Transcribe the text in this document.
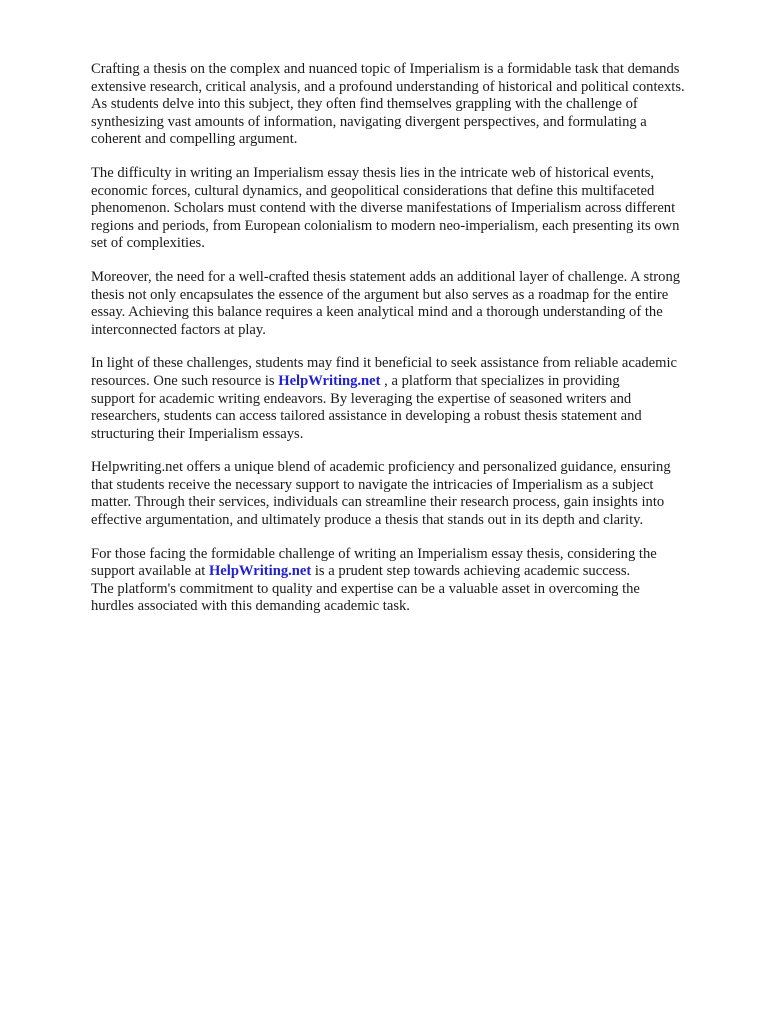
Crafting a thesis on the complex and nuanced topic of Imperialism is a formidable task that demands
extensive research, critical analysis, and a profound understanding of historical and political contexts.
As students delve into this subject, they often find themselves grappling with the challenge of
synthesizing vast amounts of information, navigating divergent perspectives, and formulating a
coherent and compelling argument.

The difficulty in writing an Imperialism essay thesis lies in the intricate web of historical events,
economic forces, cultural dynamics, and geopolitical considerations that define this multifaceted
phenomenon. Scholars must contend with the diverse manifestations of Imperialism across different
regions and periods, from European colonialism to modern neo-imperialism, each presenting its own
set of complexities.

Moreover, the need for a well-crafted thesis statement adds an additional layer of challenge. A strong
thesis not only encapsulates the essence of the argument but also serves as a roadmap for the entire
essay. Achieving this balance requires a keen analytical mind and a thorough understanding of the
interconnected factors at play.

In light of these challenges, students may find it beneficial to seek assistance from reliable academic
resources. One such resource is HelpWriting.net , a platform that specializes in providing
support for academic writing endeavors. By leveraging the expertise of seasoned writers and
researchers, students can access tailored assistance in developing a robust thesis statement and
structuring their Imperialism essays.

Helpwriting.net offers a unique blend of academic proficiency and personalized guidance, ensuring
that students receive the necessary support to navigate the intricacies of Imperialism as a subject
matter. Through their services, individuals can streamline their research process, gain insights into
effective argumentation, and ultimately produce a thesis that stands out in its depth and clarity.

For those facing the formidable challenge of writing an Imperialism essay thesis, considering the
support available at HelpWriting.net is a prudent step towards achieving academic success.
The platform's commitment to quality and expertise can be a valuable asset in overcoming the
hurdles associated with this demanding academic task.
